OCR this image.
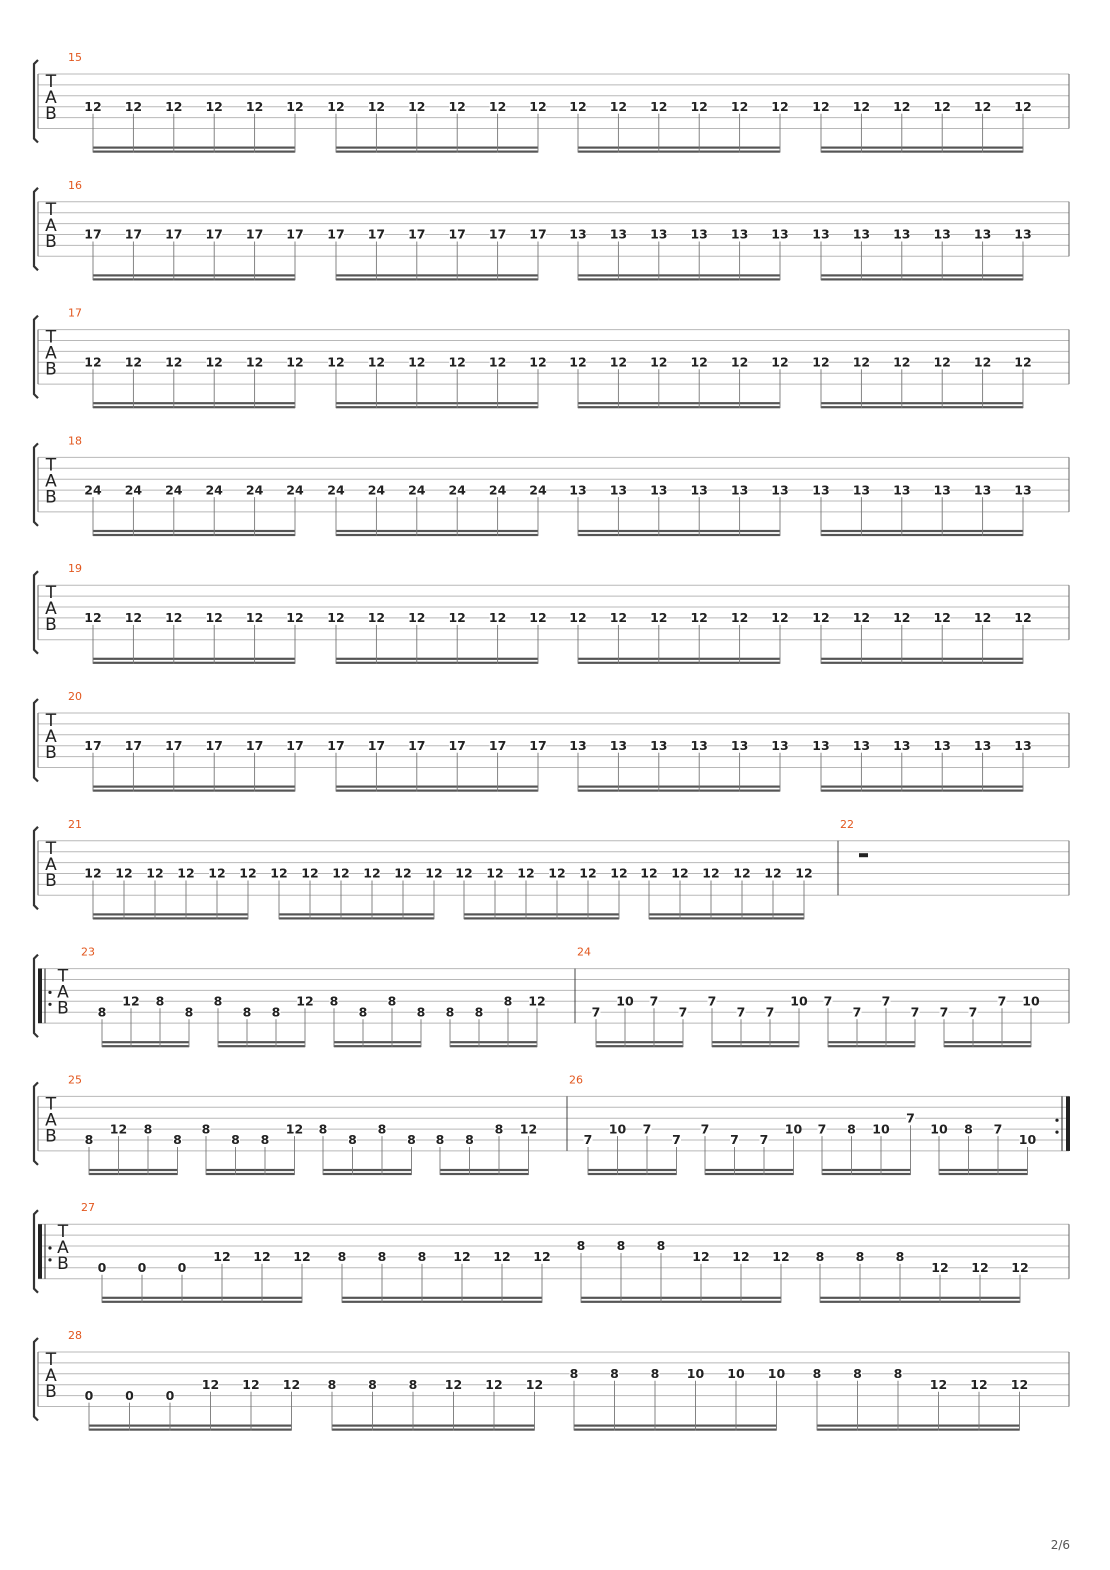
T
A
B
15
12 12 12 12 12 12 12 12 12 12 12 12 12 12 12 12 12 12 12 12 12 12 12 12
T
A
B
16
17 17 17 17 17 17 17 17 17 17 17 17 13 13 13 13 13 13 13 13 13 13 13 13
T
A
B
17
12 12 12 12 12 12 12 12 12 12 12 12 12 12 12 12 12 12 12 12 12 12 12 12
T
A
B
18
24 24 24 24 24 24 24 24 24 24 24 24 13 13 13 13 13 13 13 13 13 13 13 13
T
A
B
19
12 12 12 12 12 12 12 12 12 12 12 12 12 12 12 12 12 12 12 12 12 12 12 12
T
A
B
20
17 17 17 17 17 17 17 17 17 17 17 17 13 13 13 13 13 13 13 13 13 13 13 13
T
A
B
21
12 12 12 12 12 12 12 12 12 12 12 12 12 12 12 12 12 12 12 12 12 12 12 12
22
T
A
B
23
8
12 8
8
8
8 8
12 8
8
8
8 8 8
8 12
24
7
10 7
7
7
7 7
10 7
7
7
7 7 7
7 10
T
A
B
25
8
12 8
8
8
8 8
12 8
8
8
8 8 8
8 12
26
7
10 7
7
7
7 7
10 7 8 10
7
10 8 7
10
T
A
B
27
0	0	0
12 12 12 8	8	8 12 12 12
8	8	8
12 12 12 8	8	8
12 12 12
T
A
B
28
0	0	0
12 12 12 8	8	8 12 12 12
8	8	8 10 10 10 8	8	8
12 12 12
2/6
